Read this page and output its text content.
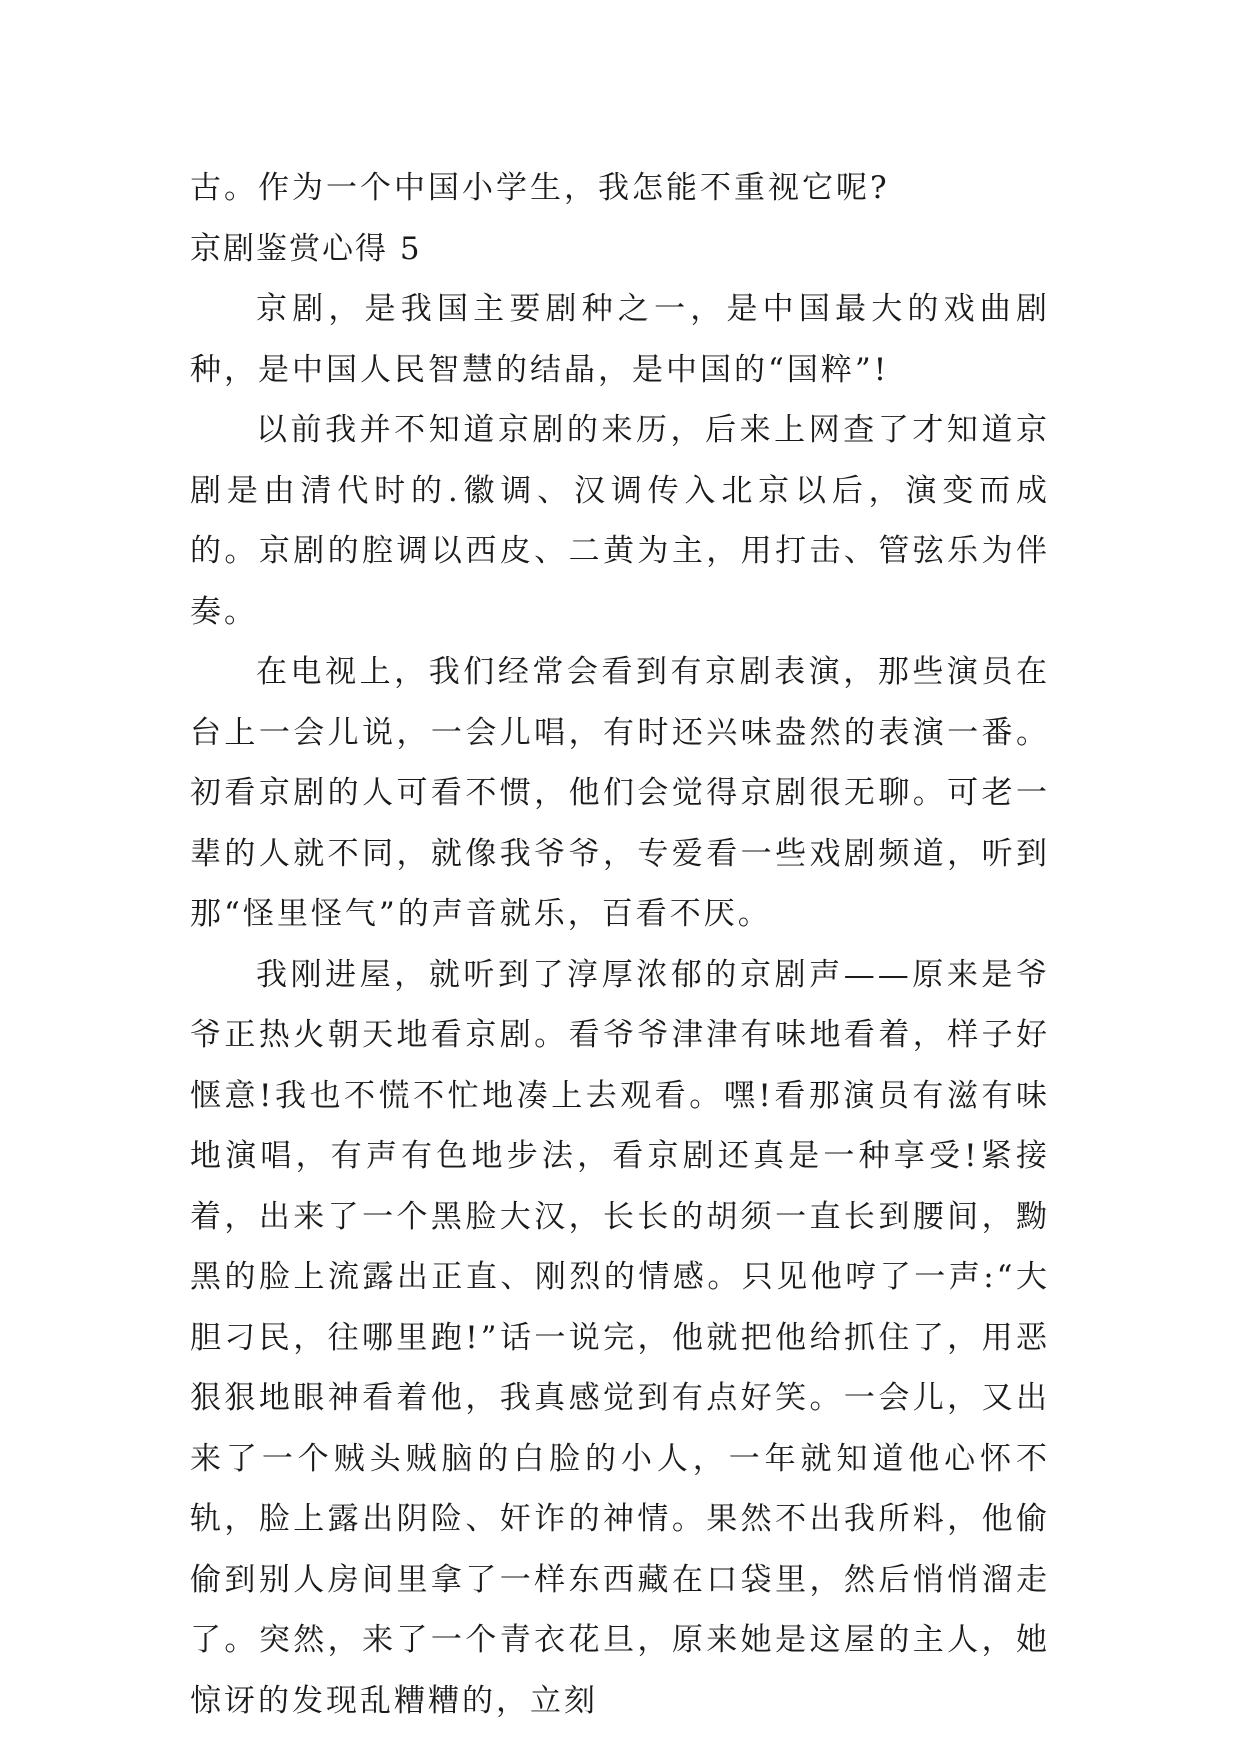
古。作为一个中国小学生，我怎能不重视它呢?

京剧鉴赏心得 5

京剧，是我国主要剧种之一，是中国最大的戏曲剧种，是中国人民智慧的结晶，是中国的“国粹”!

以前我并不知道京剧的来历，后来上网查了才知道京剧是由清代时的.徽调、汉调传入北京以后，演变而成的。京剧的腔调以西皮、二黄为主，用打击、管弦乐为伴奏。

在电视上，我们经常会看到有京剧表演，那些演员在台上一会儿说，一会儿唱，有时还兴味盎然的表演一番。初看京剧的人可看不惯，他们会觉得京剧很无聊。可老一辈的人就不同，就像我爷爷，专爱看一些戏剧频道，听到那“怪里怪气”的声音就乐，百看不厌。

我刚进屋，就听到了淳厚浓郁的京剧声——原来是爷爷正热火朝天地看京剧。看爷爷津津有味地看着，样子好惬意!我也不慌不忙地凑上去观看。嘿!看那演员有滋有味地演唱，有声有色地步法，看京剧还真是一种享受!紧接着，出来了一个黑脸大汉，长长的胡须一直长到腰间，黝黑的脸上流露出正直、刚烈的情感。只见他哼了一声:“大胆刁民，往哪里跑!”话一说完，他就把他给抓住了，用恶狠狠地眼神看着他，我真感觉到有点好笑。一会儿，又出来了一个贼头贼脑的白脸的小人，一年就知道他心怀不轨，脸上露出阴险、奸诈的神情。果然不出我所料，他偷偷到别人房间里拿了一样东西藏在口袋里，然后悄悄溜走了。突然，来了一个青衣花旦，原来她是这屋的主人，她惊讶的发现乱糟糟的，立刻
